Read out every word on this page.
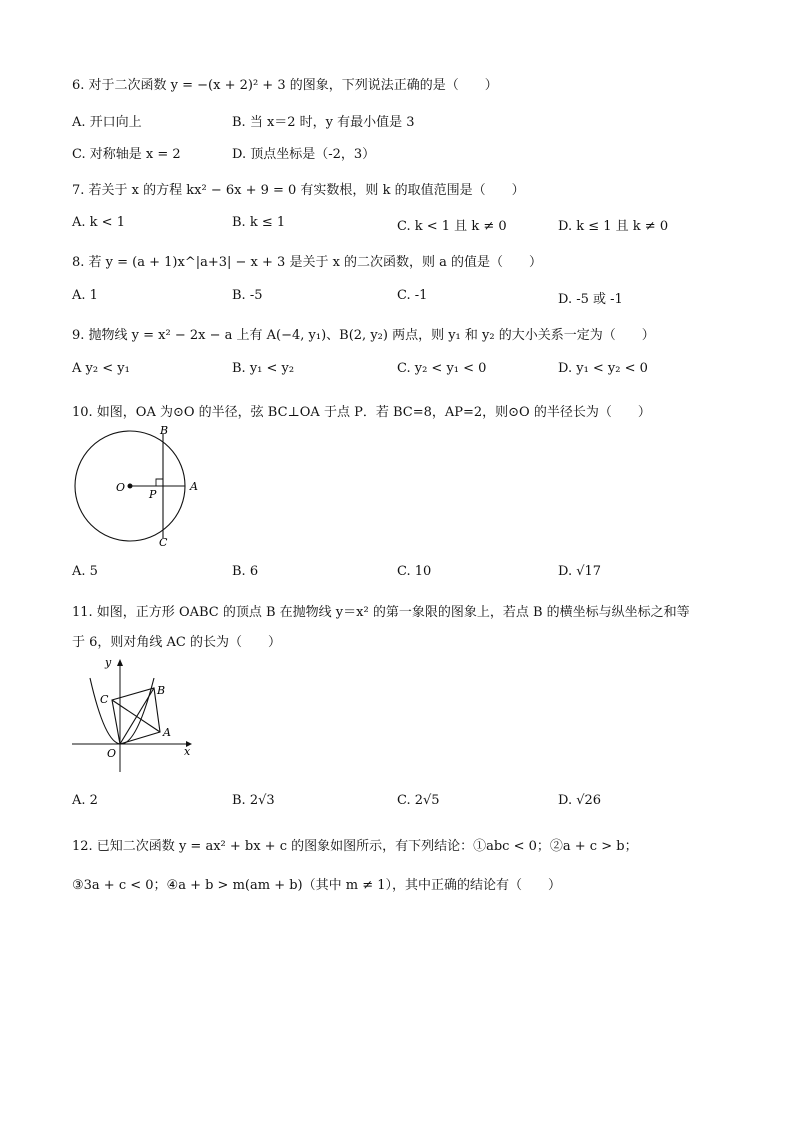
6. 对于二次函数 y = −(x + 2)² + 3 的图象，下列说法正确的是（　　）
A. 开口向上	B. 当 x＝2 时，y 有最小值是 3
C. 对称轴是 x = 2	D. 顶点坐标是（-2，3）
7. 若关于 x 的方程 kx² − 6x + 9 = 0 有实数根，则 k 的取值范围是（　　）
A. k < 1	B. k ≤ 1	C. k < 1 且 k ≠ 0	D. k ≤ 1 且 k ≠ 0
8. 若 y = (a + 1)x^|a+3| − x + 3 是关于 x 的二次函数，则 a 的值是（　　）
A. 1	B. -5	C. -1	D. -5 或 -1
9. 抛物线 y = x² − 2x − a 上有 A(−4, y₁)、B(2, y₂) 两点，则 y₁ 和 y₂ 的大小关系一定为（　　）
A y₂ < y₁	B. y₁ < y₂	C. y₂ < y₁ < 0	D. y₁ < y₂ < 0
10. 如图，OA 为⊙O 的半径，弦 BC⊥OA 于点 P．若 BC=8，AP=2，则⊙O 的半径长为（　　）
B
O
P
A
C
A. 5	B. 6	C. 10	D. √17
11. 如图，正方形 OABC 的顶点 B 在抛物线 y＝x² 的第一象限的图象上，若点 B 的横坐标与纵坐标之和等
于 6，则对角线 AC 的长为（　　）
y
B
C
A
O	x
A. 2	B. 2√3	C. 2√5	D. √26
12. 已知二次函数 y = ax² + bx + c 的图象如图所示，有下列结论：①abc < 0；②a + c > b；
③3a + c < 0；④a + b > m(am + b)（其中 m ≠ 1），其中正确的结论有（　　）
